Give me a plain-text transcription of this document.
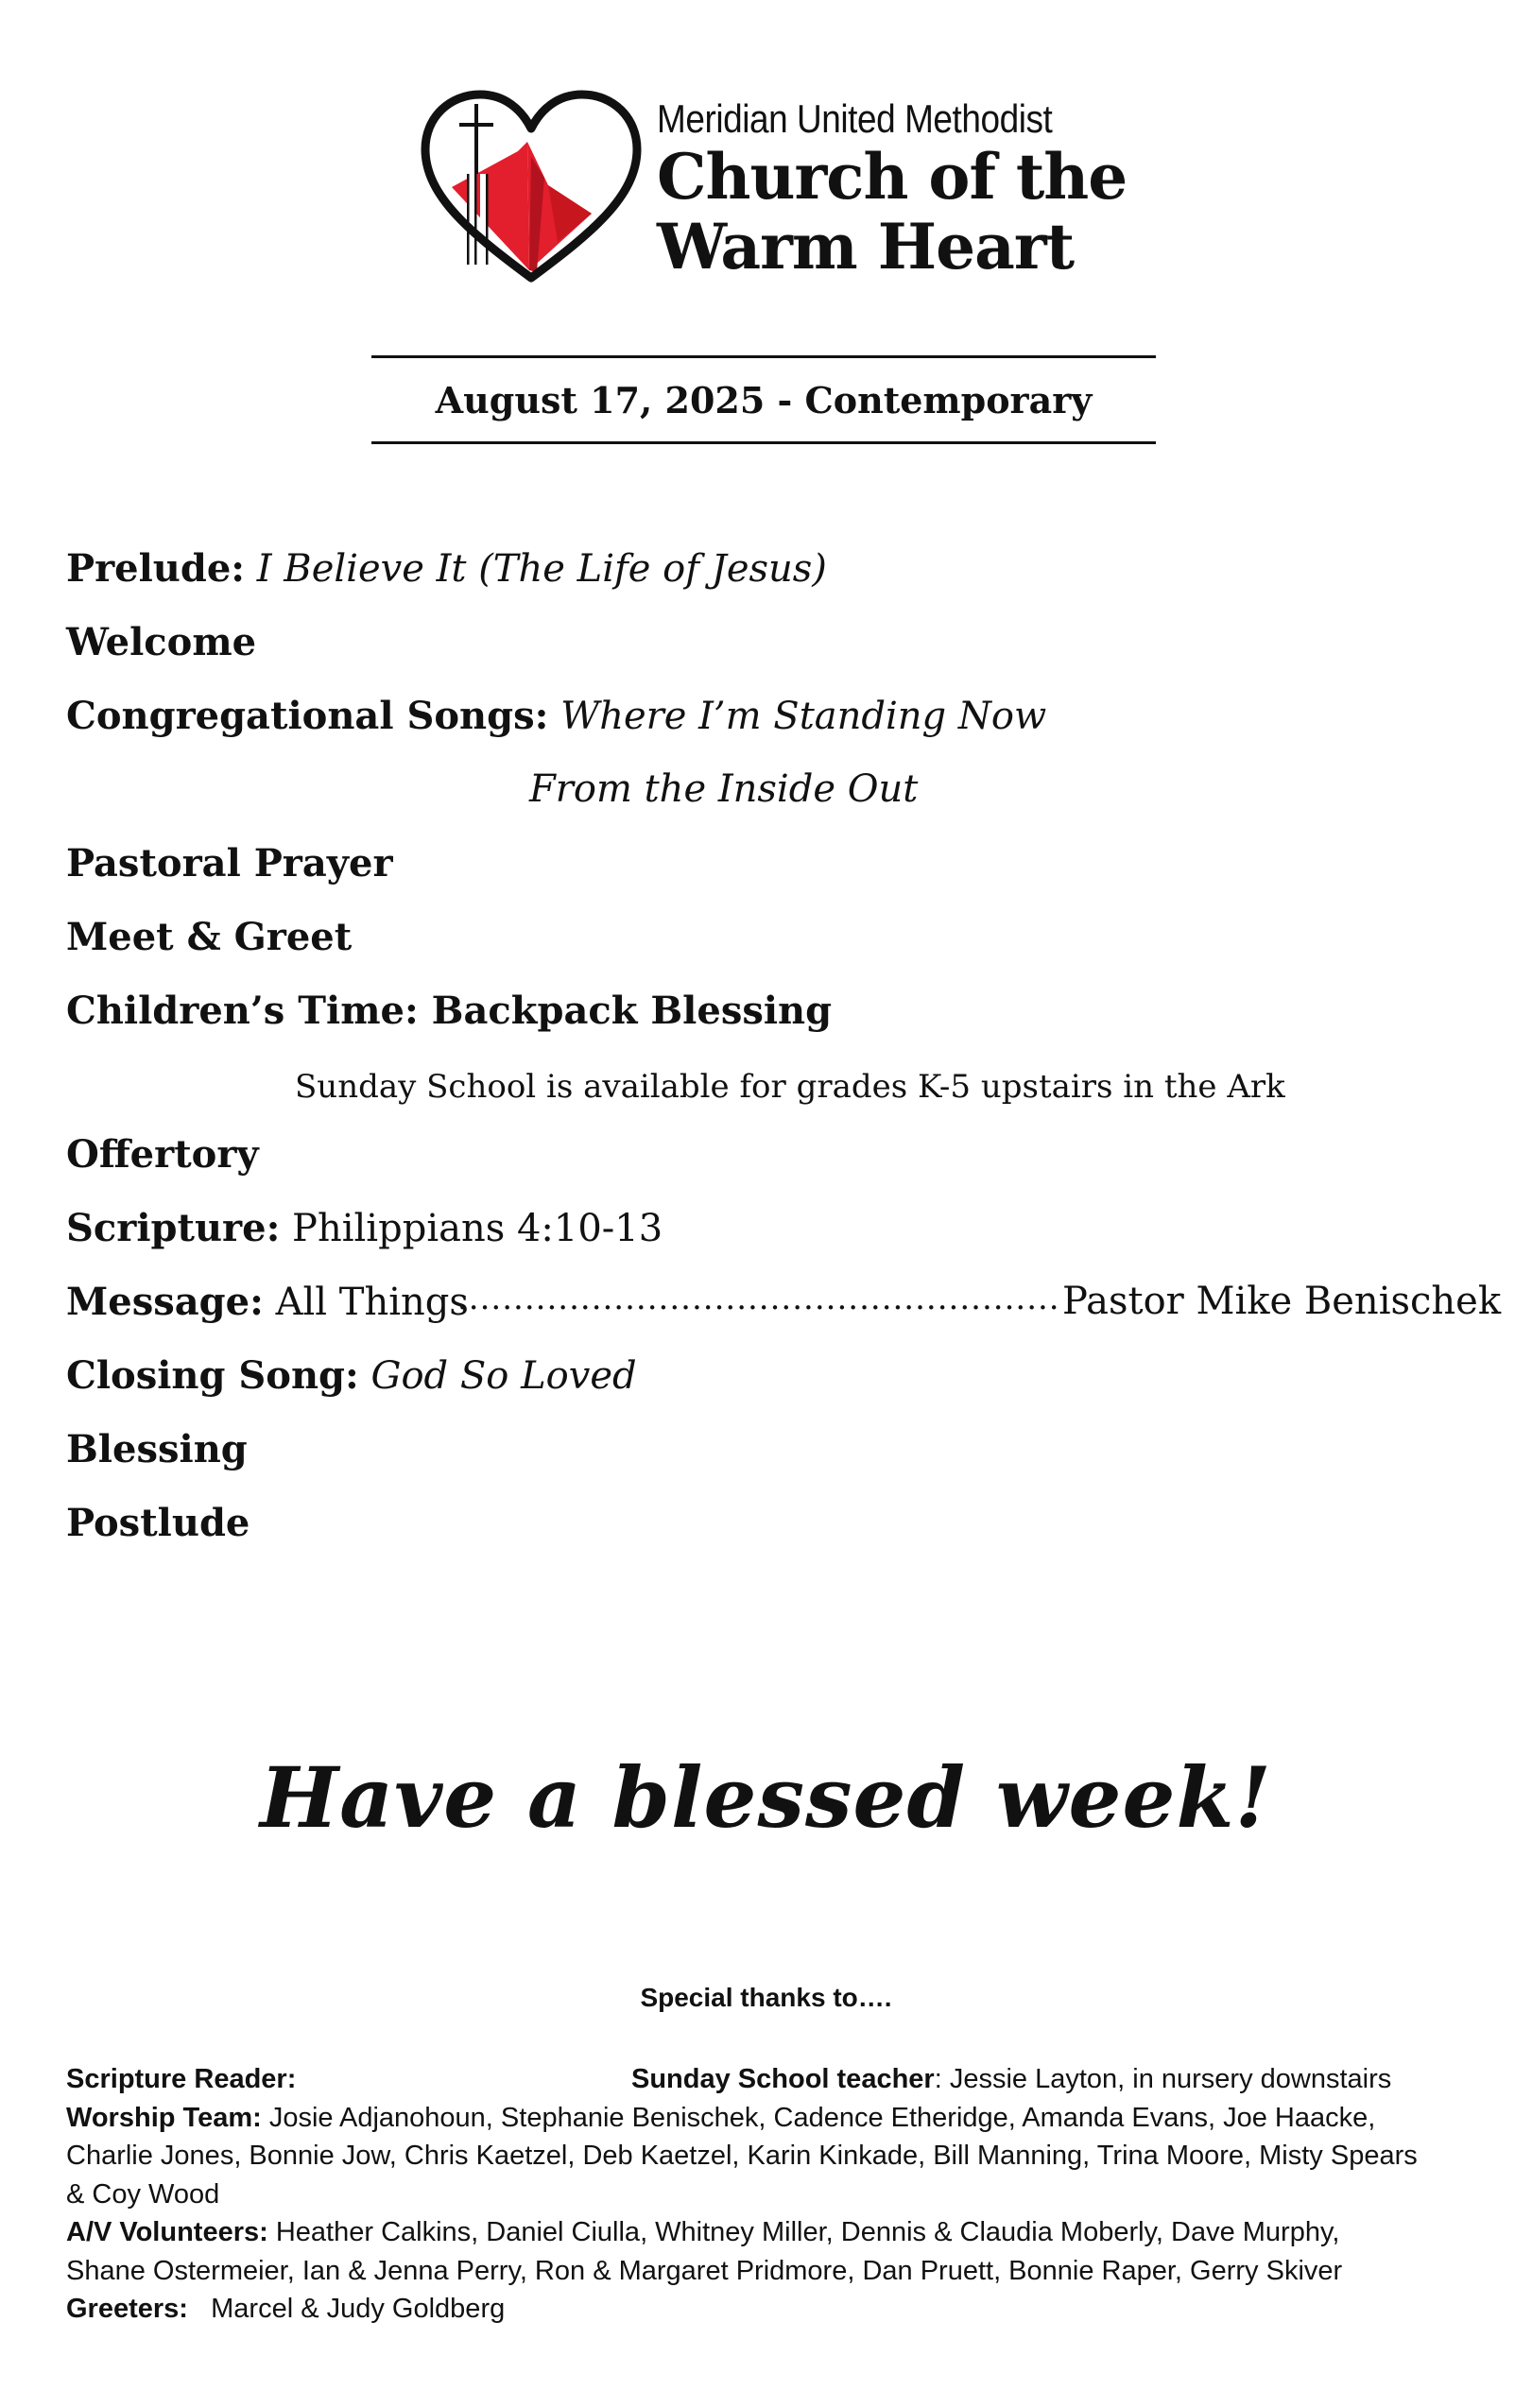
Meridian United Methodist
Church of the
Warm Heart
August 17, 2025 - Contemporary
Prelude: I Believe It (The Life of Jesus)
Welcome
Congregational Songs: Where I’m Standing Now
From the Inside Out
Pastoral Prayer
Meet & Greet
Children’s Time: Backpack Blessing
Sunday School is available for grades K-5 upstairs in the Ark
Offertory
Scripture: Philippians 4:10-13
Message: All Things
...................................................... Pastor Mike Benischek
Closing Song: God So Loved
Blessing
Postlude
Have a blessed week!
Special thanks to….
Scripture Reader:	Sunday School teacher: Jessie Layton, in nursery downstairs
Worship Team: Josie Adjanohoun, Stephanie Benischek, Cadence Etheridge, Amanda Evans, Joe Haacke,
Charlie Jones, Bonnie Jow, Chris Kaetzel, Deb Kaetzel, Karin Kinkade, Bill Manning, Trina Moore, Misty Spears
& Coy Wood
A/V Volunteers: Heather Calkins, Daniel Ciulla, Whitney Miller, Dennis & Claudia Moberly, Dave Murphy,
Shane Ostermeier, Ian & Jenna Perry, Ron & Margaret Pridmore, Dan Pruett, Bonnie Raper, Gerry Skiver
Greeters:   Marcel & Judy Goldberg
